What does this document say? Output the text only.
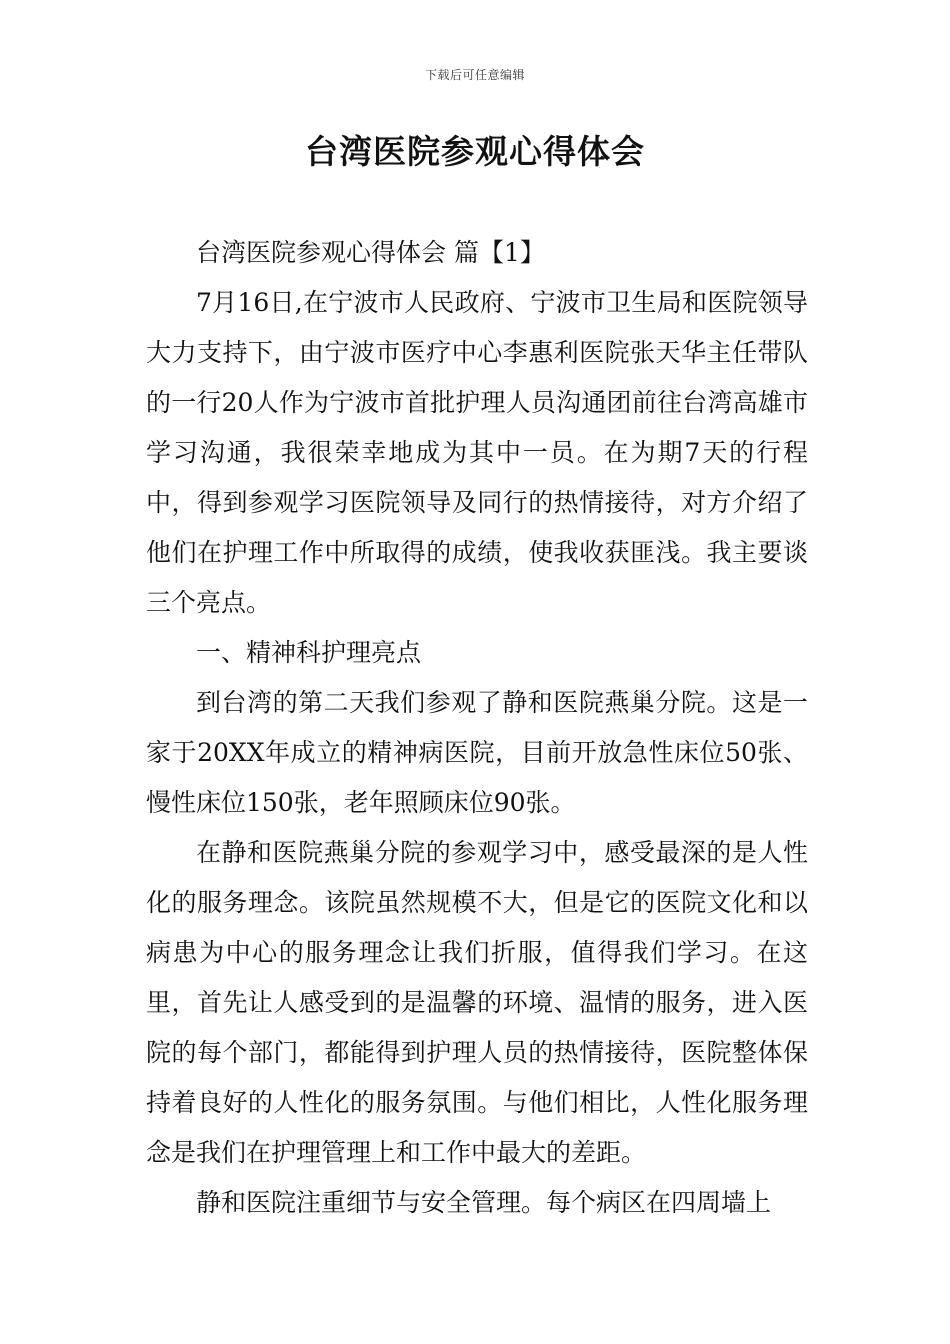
下载后可任意编辑
台湾医院参观心得体会

台湾医院参观心得体会 篇【1】

7月16日,在宁波市人民政府、宁波市卫生局和医院领导大力支持下，由宁波市医疗中心李惠利医院张天华主任带队的一行20人作为宁波市首批护理人员沟通团前往台湾高雄市学习沟通，我很荣幸地成为其中一员。在为期7天的行程中，得到参观学习医院领导及同行的热情接待，对方介绍了他们在护理工作中所取得的成绩，使我收获匪浅。我主要谈三个亮点。

一、精神科护理亮点

到台湾的第二天我们参观了静和医院燕巢分院。这是一家于20XX年成立的精神病医院，目前开放急性床位50张、慢性床位150张，老年照顾床位90张。

在静和医院燕巢分院的参观学习中，感受最深的是人性化的服务理念。该院虽然规模不大，但是它的医院文化和以病患为中心的服务理念让我们折服，值得我们学习。在这里，首先让人感受到的是温馨的环境、温情的服务，进入医院的每个部门，都能得到护理人员的热情接待，医院整体保持着良好的人性化的服务氛围。与他们相比，人性化服务理念是我们在护理管理上和工作中最大的差距。

静和医院注重细节与安全管理。每个病区在四周墙上
